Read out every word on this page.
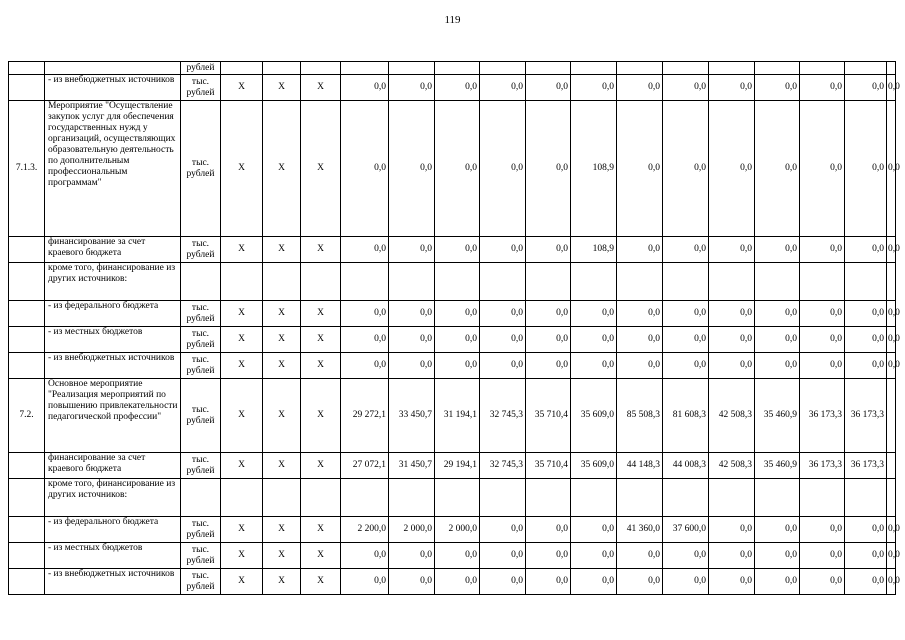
119
		рублей																
	- из внебюджетных источников	тыс. рублей	X	X	X	0,0	0,0	0,0	0,0	0,0	0,0	0,0	0,0	0,0	0,0	0,0	0,0	0,0
7.1.3.	Мероприятие "Осуществление закупок услуг для обеспечения государственных нужд у организаций, осуществляющих образовательную деятельность по дополнительным профессиональным программам"	тыс. рублей	X	X	X	0,0	0,0	0,0	0,0	0,0	108,9	0,0	0,0	0,0	0,0	0,0	0,0	0,0
	финансирование за счет краевого бюджета	тыс. рублей	X	X	X	0,0	0,0	0,0	0,0	0,0	108,9	0,0	0,0	0,0	0,0	0,0	0,0	0,0
	кроме того, финансирование из других источников:																	
	- из федерального бюджета	тыс. рублей	X	X	X	0,0	0,0	0,0	0,0	0,0	0,0	0,0	0,0	0,0	0,0	0,0	0,0	0,0
	- из местных бюджетов	тыс. рублей	X	X	X	0,0	0,0	0,0	0,0	0,0	0,0	0,0	0,0	0,0	0,0	0,0	0,0	0,0
	- из внебюджетных источников	тыс. рублей	X	X	X	0,0	0,0	0,0	0,0	0,0	0,0	0,0	0,0	0,0	0,0	0,0	0,0	0,0
7.2.	Основное мероприятие "Реализация мероприятий по повышению привлекательности педагогической профессии"	тыс. рублей	X	X	X	29 272,1	33 450,7	31 194,1	32 745,3	35 710,4	35 609,0	85 508,3	81 608,3	42 508,3	35 460,9	36 173,3	36 173,3	
	финансирование за счет краевого бюджета	тыс. рублей	X	X	X	27 072,1	31 450,7	29 194,1	32 745,3	35 710,4	35 609,0	44 148,3	44 008,3	42 508,3	35 460,9	36 173,3	36 173,3	
	кроме того, финансирование из других источников:																	
	- из федерального бюджета	тыс. рублей	X	X	X	2 200,0	2 000,0	2 000,0	0,0	0,0	0,0	41 360,0	37 600,0	0,0	0,0	0,0	0,0	0,0
	- из местных бюджетов	тыс. рублей	X	X	X	0,0	0,0	0,0	0,0	0,0	0,0	0,0	0,0	0,0	0,0	0,0	0,0	0,0
	- из внебюджетных источников	тыс. рублей	X	X	X	0,0	0,0	0,0	0,0	0,0	0,0	0,0	0,0	0,0	0,0	0,0	0,0	0,0
